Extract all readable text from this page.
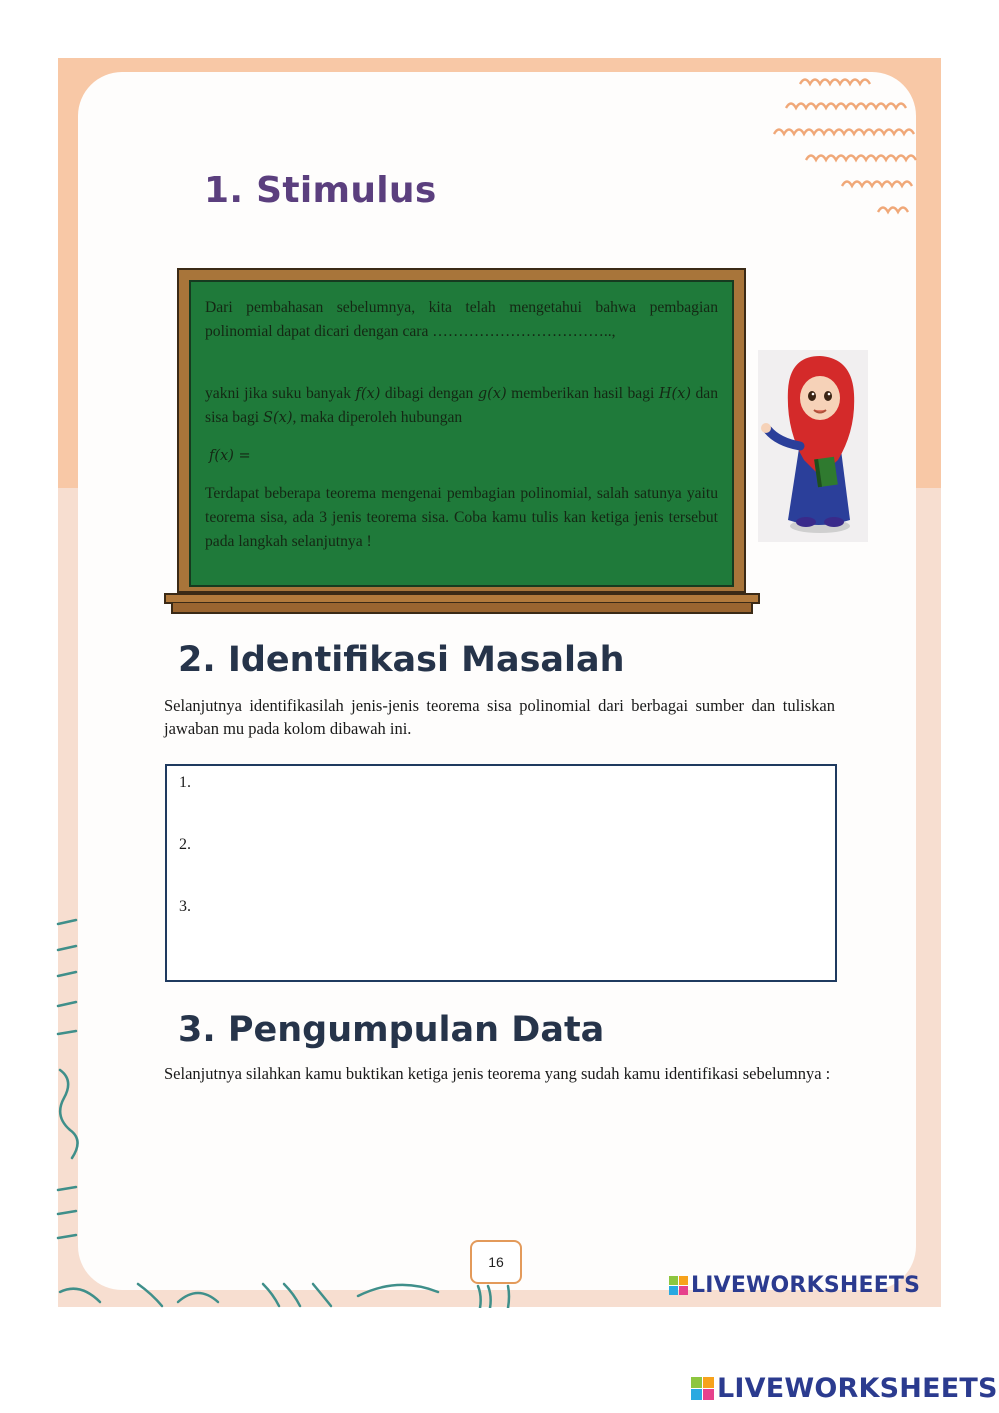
1. Stimulus

Dari pembahasan sebelumnya, kita telah mengetahui bahwa pembagian polinomial dapat dicari dengan cara ……………………………..,

yakni jika suku banyak f(x) dibagi dengan g(x) memberikan hasil bagi H(x) dan sisa bagi S(x), maka diperoleh hubungan

f(x) =

Terdapat beberapa teorema mengenai pembagian polinomial, salah satunya yaitu teorema sisa, ada 3 jenis teorema sisa. Coba kamu tulis kan ketiga jenis tersebut pada langkah selanjutnya !

2. Identifikasi Masalah

Selanjutnya identifikasilah jenis-jenis teorema sisa polinomial dari berbagai sumber dan tuliskan jawaban mu pada kolom dibawah ini.

1.
2.
3.
3. Pengumpulan Data

Selanjutnya silahkan kamu buktikan ketiga jenis teorema yang sudah kamu identifikasi sebelumnya :

16
LIVEWORKSHEETS
LIVEWORKSHEETS
